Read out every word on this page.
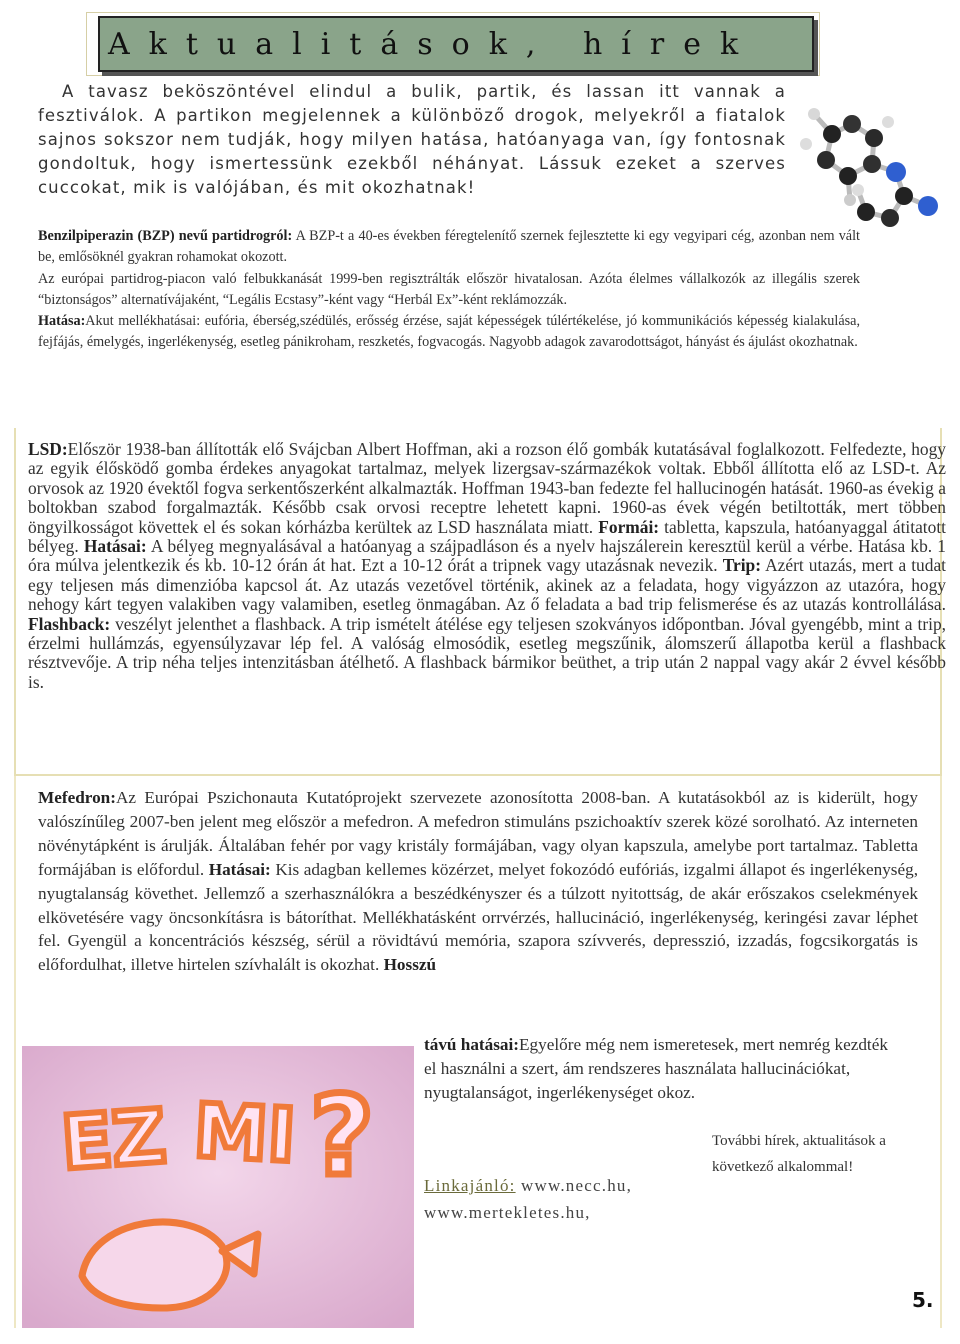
Aktualitások, hírek
A tavasz beköszöntével elindul a bulik, partik, és lassan itt vannak a fesztiválok. A partikon megjelennek a különböző drogok, melyekről a fiatalok sajnos sokszor nem tudják, hogy milyen hatása, hatóanyaga van, így fontosnak gondoltuk, hogy ismertessünk ezekből néhányat. Lássuk ezeket a szerves cuccokat, mik is valójában, és mit okozhatnak!

Benzilpiperazin (BZP) nevű partidrogról: A BZP-t a 40-es években féregtelenítő szernek fejlesztette ki egy vegyipari cég, azonban nem vált be, emlősöknél gyakran rohamokat okozott.

Az európai partidrog-piacon való felbukkanását 1999-ben regisztrálták először hivatalosan. Azóta élelmes vállalkozók az illegális szerek “biztonságos” alternatívájaként, “Legális Ecstasy”-ként vagy “Herbál Ex”-ként reklámozzák.

Hatása:Akut mellékhatásai: eufória, éberség,szédülés, erősség érzése, saját képességek túlértékelése, jó kommunikációs képesség kialakulása, fejfájás, émelygés, ingerlékenység, esetleg pánikroham, reszketés, fogvacogás. Nagyobb adagok zavarodottságot, hányást és ájulást okozhatnak.

LSD:Először 1938-ban állították elő Svájcban Albert Hoffman, aki a rozson élő gombák kutatásával foglalkozott. Felfedezte, hogy az egyik élősködő gomba érdekes anyagokat tartalmaz, melyek lizergsav-származékok voltak. Ebből állította elő az LSD-t. Az orvosok az 1920 évektől fogva serkentőszerként alkalmazták. Hoffman 1943-ban fedezte fel hallucinogén hatását. 1960-as évekig a boltokban szabod forgalmazták. Később csak orvosi receptre lehetett kapni. 1960-as évek végén betiltották, mert többen öngyilkosságot követtek el és sokan kórházba kerültek az LSD használata miatt. Formái: tabletta, kapszula, hatóanyaggal átitatott bélyeg. Hatásai: A bélyeg megnyalásával a hatóanyag a szájpadláson és a nyelv hajszálerein keresztül kerül a vérbe. Hatása kb. 1 óra múlva jelentkezik és kb. 10-12 órán át hat. Ezt a 10-12 órát a tripnek vagy utazásnak nevezik. Trip: Azért utazás, mert a tudat egy teljesen más dimenzióba kapcsol át. Az utazás vezetővel történik, akinek az a feladata, hogy vigyázzon az utazóra, hogy nehogy kárt tegyen valakiben vagy valamiben, esetleg önmagában. Az ő feladata a bad trip felismerése és az utazás kontrollálása. Flashback: veszélyt jelenthet a flashback. A trip ismételt átélése egy teljesen szokványos időpontban. Jóval gyengébb, mint a trip, érzelmi hullámzás, egyensúlyzavar lép fel. A valóság elmosódik, esetleg megszűnik, álomszerű állapotba kerül a flashback résztvevője. A trip néha teljes intenzitásban átélhető. A flashback bármikor beüthet, a trip után 2 nappal vagy akár 2 évvel később is.
Mefedron:Az Európai Pszichonauta Kutatóprojekt szervezete azonosította 2008-ban. A kutatásokból az is kiderült, hogy valószínűleg 2007-ben jelent meg először a mefedron. A mefedron stimuláns pszichoaktív szerek közé sorolható. Az interneten növénytápként is árulják. Általában fehér por vagy kristály formájában, vagy olyan kapszula, amelybe port tartalmaz. Tabletta formájában is előfordul. Hatásai: Kis adagban kellemes közérzet, melyet fokozódó eufóriás, izgalmi állapot és ingerlékenység, nyugtalanság követhet. Jellemző a szerhasználókra a beszédkényszer és a túlzott nyitottság, de akár erőszakos cselekmények elkövetésére vagy öncsonkításra is bátoríthat. Mellékhatásként orrvérzés, hallucináció, ingerlékenység, keringési zavar léphet fel. Gyengül a koncentrációs készség, sérül a rövidtávú memória, szapora szívverés, depresszió, izzadás, fogcsikorgatás is előfordulhat, illetve hirtelen szívhalált is okozhat. Hosszú
távú hatásai:Egyelőre még nem ismeretesek, mert nemrég kezdték el használni a szert, ám rendszeres használata hallucinációkat, nyugtalanságot, ingerlékenységet okoz.
EZ MI ?	További hírek, aktualitások a következő alkalommal!
Linkajánló: www.necc.hu,
www.mertekletes.hu,
5.
